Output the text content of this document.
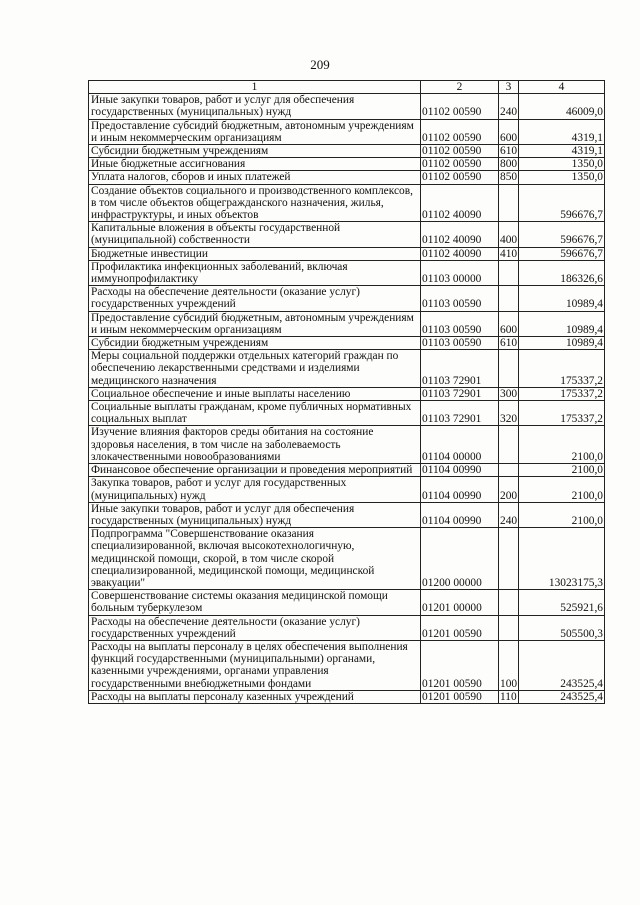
209
1	2	3	4
Иные закупки товаров, работ и услуг для обеспечения государственных (муниципальных) нужд	01102 00590	240	46009,0
Предоставление субсидий бюджетным, автономным учреждениям и иным некоммерческим организациям	01102 00590	600	4319,1
Субсидии бюджетным учреждениям	01102 00590	610	4319,1
Иные бюджетные ассигнования	01102 00590	800	1350,0
Уплата налогов, сборов и иных платежей	01102 00590	850	1350,0
Создание объектов социального и производственного комплексов, в том числе объектов общегражданского назначения, жилья, инфраструктуры, и иных объектов	01102 40090		596676,7
Капитальные вложения в объекты государственной (муниципальной) собственности	01102 40090	400	596676,7
Бюджетные инвестиции	01102 40090	410	596676,7
Профилактика инфекционных заболеваний, включая иммунопрофилактику	01103 00000		186326,6
Расходы на обеспечение деятельности (оказание услуг) государственных учреждений	01103 00590		10989,4
Предоставление субсидий бюджетным, автономным учреждениям и иным некоммерческим организациям	01103 00590	600	10989,4
Субсидии бюджетным учреждениям	01103 00590	610	10989,4
Меры социальной поддержки отдельных категорий граждан по обеспечению лекарственными средствами и изделиями медицинского назначения	01103 72901		175337,2
Социальное обеспечение и иные выплаты населению	01103 72901	300	175337,2
Социальные выплаты гражданам, кроме публичных нормативных социальных выплат	01103 72901	320	175337,2
Изучение влияния факторов среды обитания на состояние здоровья населения, в том числе на заболеваемость злокачественными новообразованиями	01104 00000		2100,0
Финансовое обеспечение организации и проведения мероприятий	01104 00990		2100,0
Закупка товаров, работ и услуг для государственных (муниципальных) нужд	01104 00990	200	2100,0
Иные закупки товаров, работ и услуг для обеспечения государственных (муниципальных) нужд	01104 00990	240	2100,0
Подпрограмма "Совершенствование оказания специализированной, включая высокотехнологичную, медицинской помощи, скорой, в том числе скорой специализированной, медицинской помощи, медицинской эвакуации"	01200 00000		13023175,3
Совершенствование системы оказания медицинской помощи больным туберкулезом	01201 00000		525921,6
Расходы на обеспечение деятельности (оказание услуг) государственных учреждений	01201 00590		505500,3
Расходы на выплаты персоналу в целях обеспечения выполнения функций государственными (муниципальными) органами, казенными учреждениями, органами управления государственными внебюджетными фондами	01201 00590	100	243525,4
Расходы на выплаты персоналу казенных учреждений	01201 00590	110	243525,4
